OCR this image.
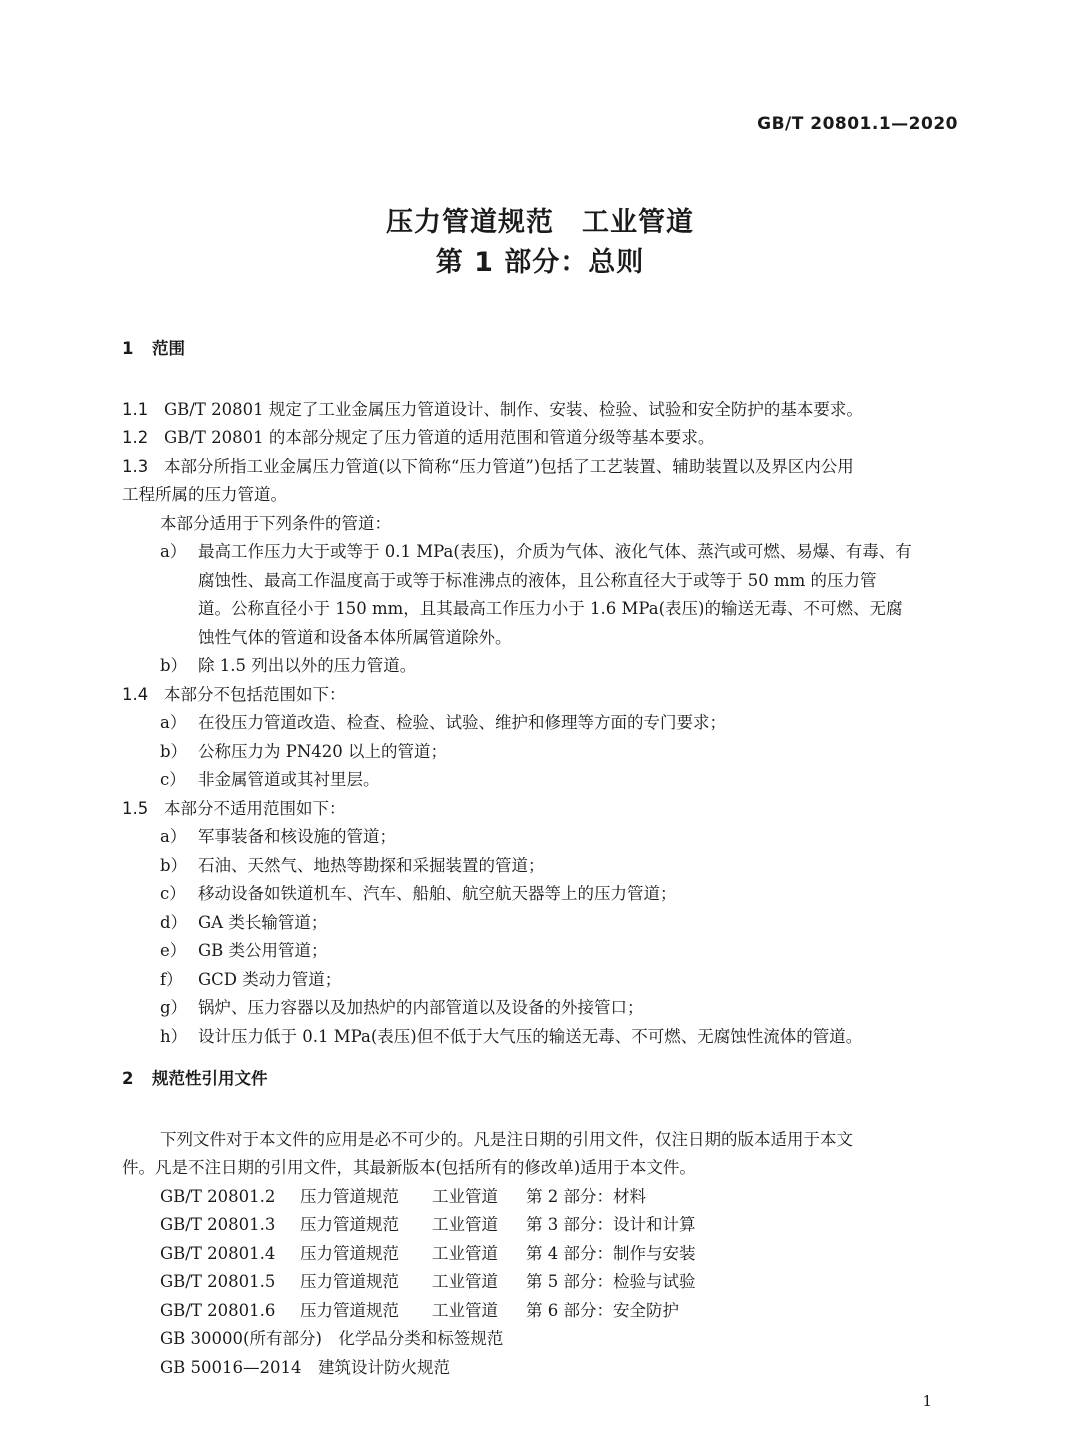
GB/T 20801.1—2020
压力管道规范　工业管道
第 1 部分：总则
1 范围
1.1 GB/T 20801 规定了工业金属压力管道设计、制作、安装、检验、试验和安全防护的基本要求。
1.2 GB/T 20801 的本部分规定了压力管道的适用范围和管道分级等基本要求。
1.3 本部分所指工业金属压力管道(以下简称“压力管道”)包括了工艺装置、辅助装置以及界区内公用
工程所属的压力管道。
本部分适用于下列条件的管道：
a） 最高工作压力大于或等于 0.1 MPa(表压)，介质为气体、液化气体、蒸汽或可燃、易爆、有毒、有
腐蚀性、最高工作温度高于或等于标准沸点的液体，且公称直径大于或等于 50 mm 的压力管
道。公称直径小于 150 mm，且其最高工作压力小于 1.6 MPa(表压)的输送无毒、不可燃、无腐
蚀性气体的管道和设备本体所属管道除外。
b） 除 1.5 列出以外的压力管道。
1.4 本部分不包括范围如下：
a） 在役压力管道改造、检查、检验、试验、维护和修理等方面的专门要求；
b） 公称压力为 PN420 以上的管道；
c） 非金属管道或其衬里层。
1.5 本部分不适用范围如下：
a） 军事装备和核设施的管道；
b） 石油、天然气、地热等勘探和采掘装置的管道；
c） 移动设备如铁道机车、汽车、船舶、航空航天器等上的压力管道；
d） GA 类长输管道；
e） GB 类公用管道；
f） GCD 类动力管道；
g） 锅炉、压力容器以及加热炉的内部管道以及设备的外接管口；
h） 设计压力低于 0.1 MPa(表压)但不低于大气压的输送无毒、不可燃、无腐蚀性流体的管道。
2 规范性引用文件
下列文件对于本文件的应用是必不可少的。凡是注日期的引用文件，仅注日期的版本适用于本文
件。凡是不注日期的引用文件，其最新版本(包括所有的修改单)适用于本文件。
GB/T 20801.2 压力管道规范 工业管道 第 2 部分：材料
GB/T 20801.3 压力管道规范 工业管道 第 3 部分：设计和计算
GB/T 20801.4 压力管道规范 工业管道 第 4 部分：制作与安装
GB/T 20801.5 压力管道规范 工业管道 第 5 部分：检验与试验
GB/T 20801.6 压力管道规范 工业管道 第 6 部分：安全防护
GB 30000(所有部分)　化学品分类和标签规范
GB 50016—2014　建筑设计防火规范
1
